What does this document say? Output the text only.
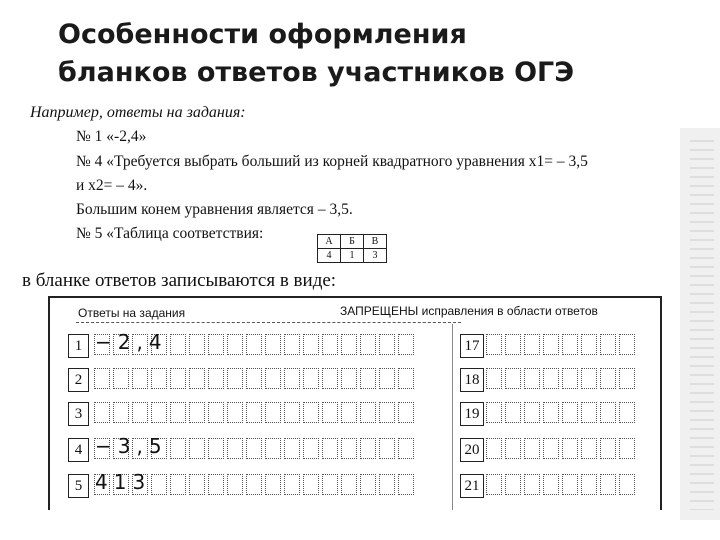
Особенности оформления
бланков ответов участников ОГЭ
Например, ответы на задания:
№ 1 «-2,4»
№ 4 «Требуется выбрать больший из корней квадратного уравнения x1= – 3,5
и x2= – 4».
Большим конем уравнения является – 3,5.
№ 5 «Таблица соответствия:	А	Б	В
4	1	3
в бланке ответов записываются в виде:
Ответы на задания	ЗАПРЕЩЕНЫ исправления в области ответов
1 −2,4
2
3
4 −3,5
5 413
17
18
19
20
21
